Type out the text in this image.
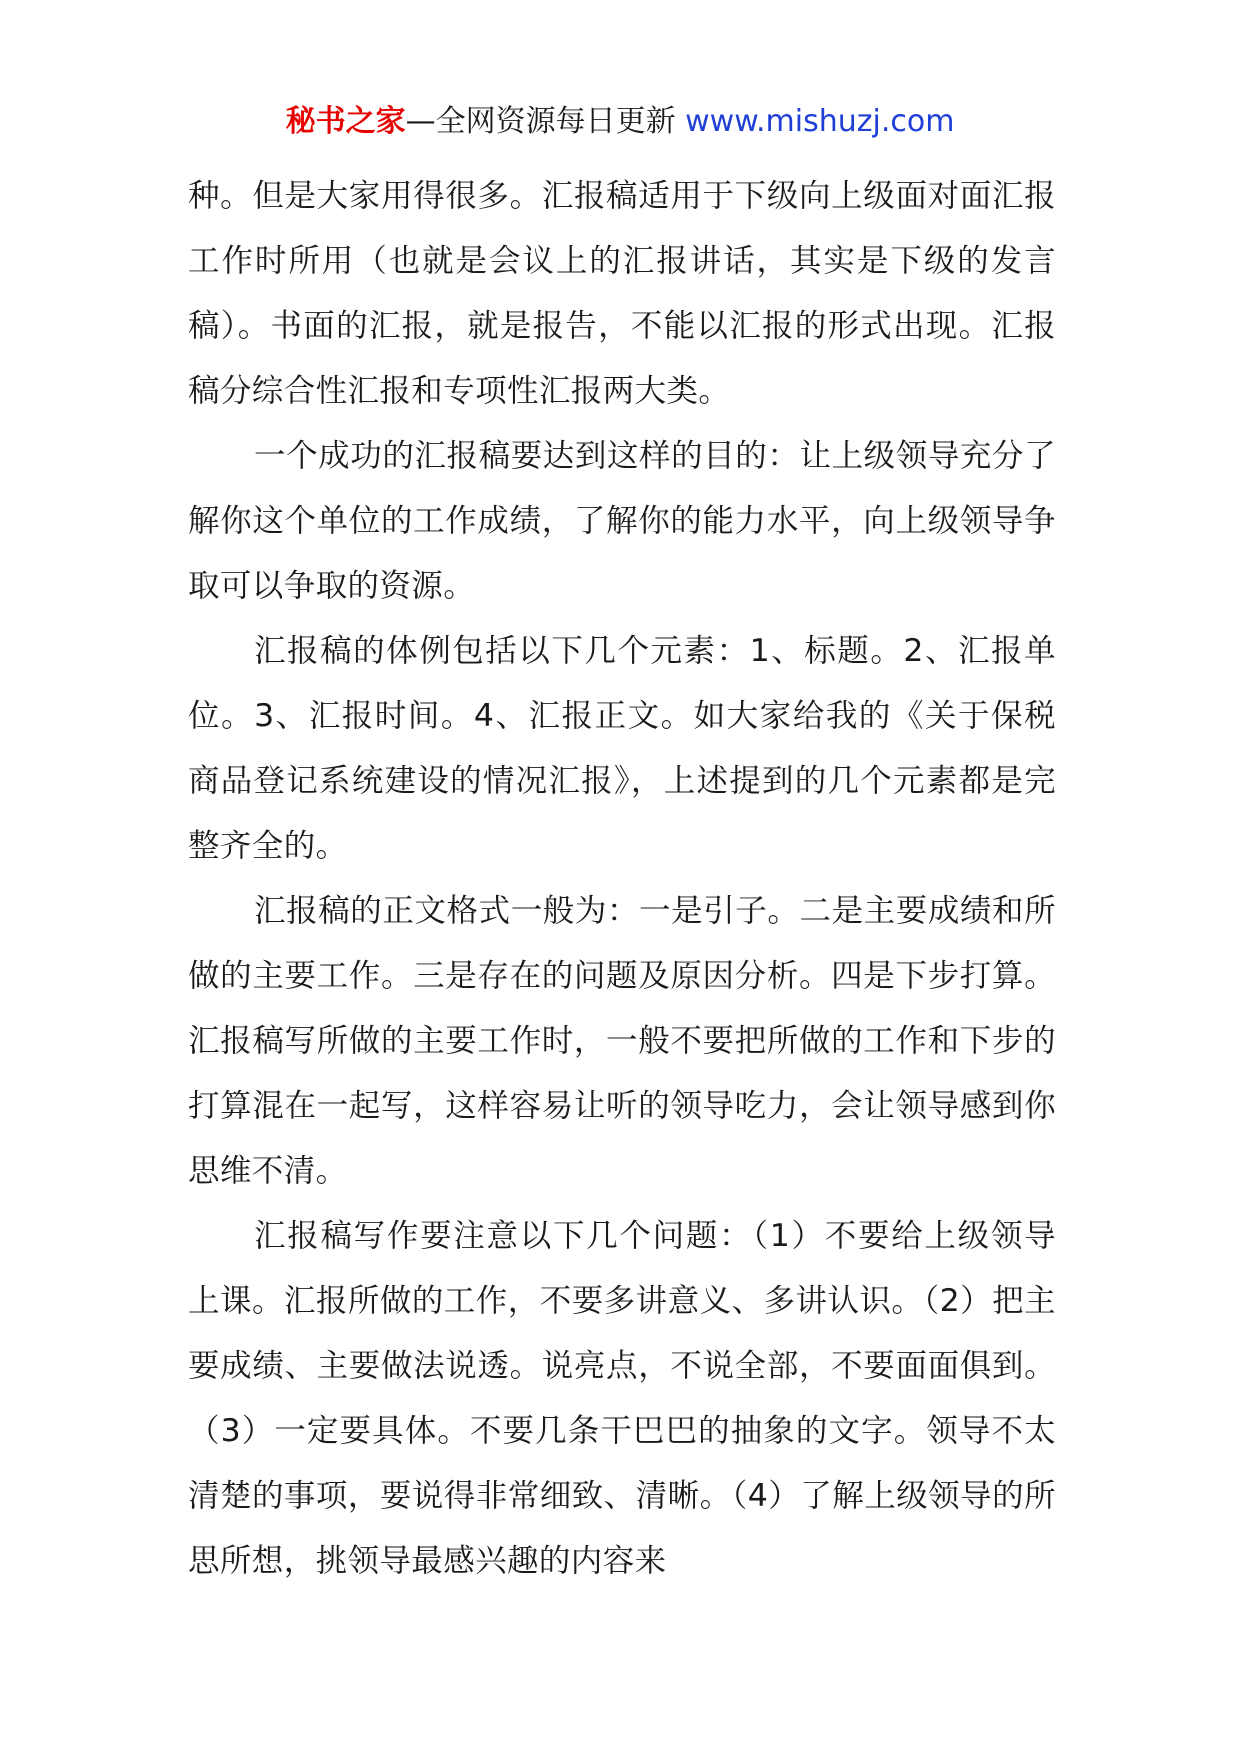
秘书之家—全网资源每日更新 www.mishuzj.com

种。但是大家用得很多。汇报稿适用于下级向上级面对面汇报工作时所用（也就是会议上的汇报讲话，其实是下级的发言稿）。书面的汇报，就是报告，不能以汇报的形式出现。汇报稿分综合性汇报和专项性汇报两大类。

一个成功的汇报稿要达到这样的目的：让上级领导充分了解你这个单位的工作成绩，了解你的能力水平，向上级领导争取可以争取的资源。

汇报稿的体例包括以下几个元素：1、标题。2、汇报单位。3、汇报时间。4、汇报正文。如大家给我的《关于保税商品登记系统建设的情况汇报》，上述提到的几个元素都是完整齐全的。

汇报稿的正文格式一般为：一是引子。二是主要成绩和所做的主要工作。三是存在的问题及原因分析。四是下步打算。汇报稿写所做的主要工作时，一般不要把所做的工作和下步的打算混在一起写，这样容易让听的领导吃力，会让领导感到你思维不清。

汇报稿写作要注意以下几个问题：（1）不要给上级领导上课。汇报所做的工作，不要多讲意义、多讲认识。（2）把主要成绩、主要做法说透。说亮点，不说全部，不要面面俱到。（3）一定要具体。不要几条干巴巴的抽象的文字。领导不太清楚的事项，要说得非常细致、清晰。（4）了解上级领导的所思所想，挑领导最感兴趣的内容来
